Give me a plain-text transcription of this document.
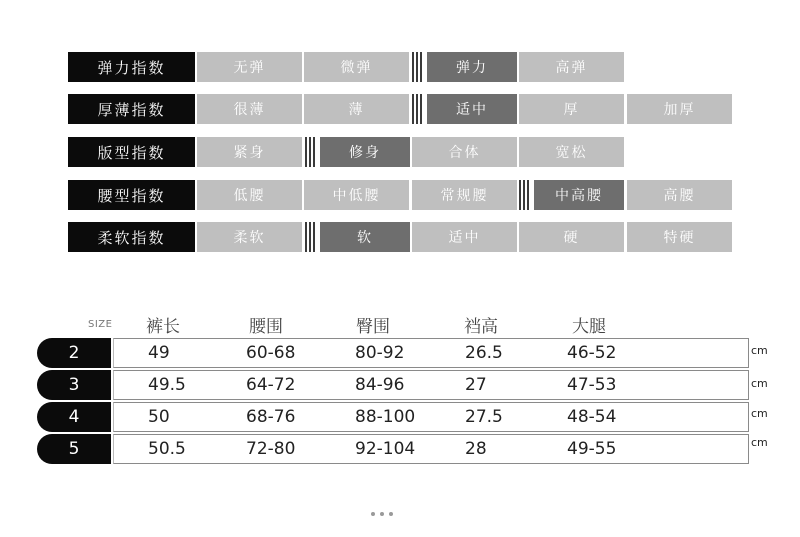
弹力指数	无弹	微弹	弹力	高弹
厚薄指数	很薄	薄	适中	厚	加厚
版型指数	紧身	修身	合体	宽松
腰型指数	低腰	中低腰	常规腰	中高腰	高腰
柔软指数	柔软	软	适中	硬	特硬
SIZE 裤长	腰围	臀围	裆高	大腿
2	49	60-68	80-92	26.5	46-52	cm
3	49.5	64-72	84-96	27	47-53	cm
4	50	68-76	88-100	27.5	48-54	cm
5	50.5	72-80	92-104	28	49-55	cm
